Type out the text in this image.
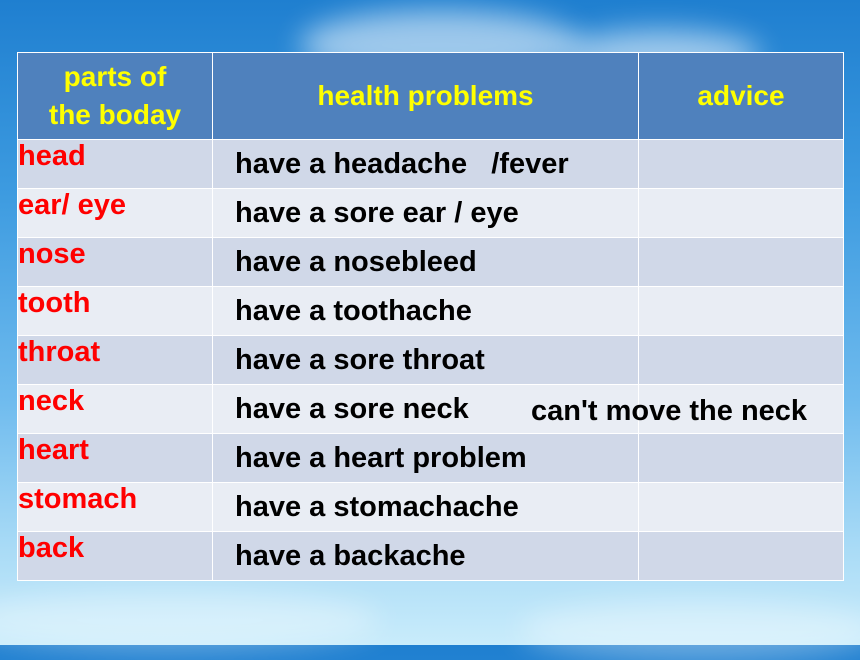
parts of
the boday	health problems	advice
head	have a headache   /fever	

ear/ eye	have a sore ear / eye	

nose	have a nosebleed	

tooth	have a toothache	

throat	have a sore throat	

neck	have a sore neck	can't move the neck

heart	have a heart problem	

stomach	have a stomachache	

back	have a backache	
